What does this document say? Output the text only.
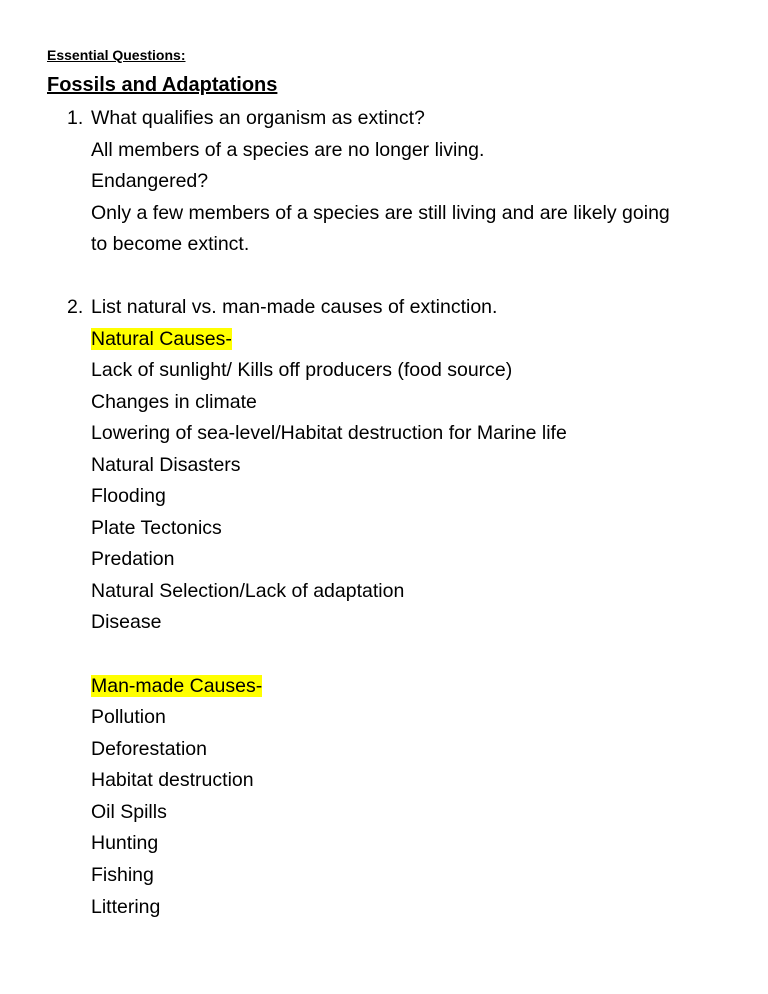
Essential Questions:
Fossils and Adaptations
1. What qualifies an organism as extinct?
All members of a species are no longer living.
Endangered?
Only a few members of a species are still living and are likely going
to become extinct.
2. List natural vs. man-made causes of extinction.
Natural Causes-
Lack of sunlight/ Kills off producers (food source)
Changes in climate
Lowering of sea-level/Habitat destruction for Marine life
Natural Disasters
Flooding
Plate Tectonics
Predation
Natural Selection/Lack of adaptation
Disease
Man-made Causes-
Pollution
Deforestation
Habitat destruction
Oil Spills
Hunting
Fishing
Littering
